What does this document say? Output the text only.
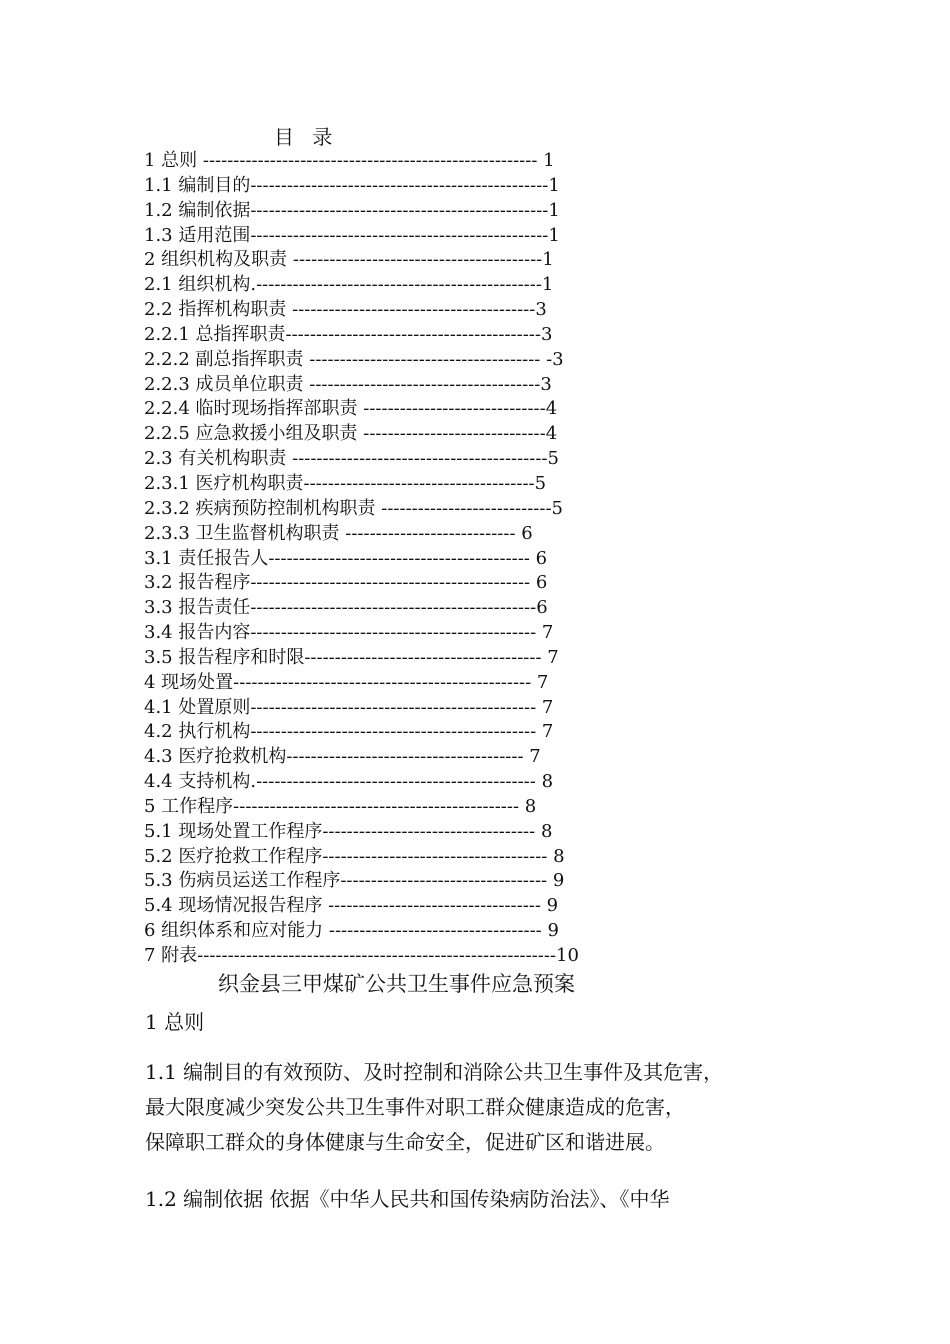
目 录
1 总则 ------------------------------------------------------- 1
1.1 编制目的-------------------------------------------------1
1.2 编制依据-------------------------------------------------1
1.3 适用范围-------------------------------------------------1
2 组织机构及职责 -----------------------------------------1
2.1 组织机构.-----------------------------------------------1
2.2 指挥机构职责 ----------------------------------------3
2.2.1 总指挥职责------------------------------------------3
2.2.2 副总指挥职责 -------------------------------------- -3
2.2.3 成员单位职责 --------------------------------------3
2.2.4 临时现场指挥部职责 ------------------------------4
2.2.5 应急救援小组及职责 ------------------------------4
2.3 有关机构职责 ------------------------------------------5
2.3.1 医疗机构职责--------------------------------------5
2.3.2 疾病预防控制机构职责 ----------------------------5
2.3.3 卫生监督机构职责 ---------------------------- 6
3.1 责任报告人------------------------------------------- 6
3.2 报告程序---------------------------------------------- 6
3.3 报告责任-----------------------------------------------6
3.4 报告内容----------------------------------------------- 7
3.5 报告程序和时限--------------------------------------- 7
4 现场处置------------------------------------------------- 7
4.1 处置原则----------------------------------------------- 7
4.2 执行机构----------------------------------------------- 7
4.3 医疗抢救机构--------------------------------------- 7
4.4 支持机构.---------------------------------------------- 8
5 工作程序----------------------------------------------- 8
5.1 现场处置工作程序----------------------------------- 8
5.2 医疗抢救工作程序------------------------------------- 8
5.3 伤病员运送工作程序---------------------------------- 9
5.4 现场情况报告程序 ----------------------------------- 9
6 组织体系和应对能力 ----------------------------------- 9
7 附表-----------------------------------------------------------10
织金县三甲煤矿公共卫生事件应急预案
1 总则

1.1 编制目的有效预防、及时控制和消除公共卫生事件及其危害，
最大限度减少突发公共卫生事件对职工群众健康造成的危害，
保障职工群众的身体健康与生命安全，促进矿区和谐进展。

1.2 编制依据 依据《中华人民共和国传染病防治法》、《中华
